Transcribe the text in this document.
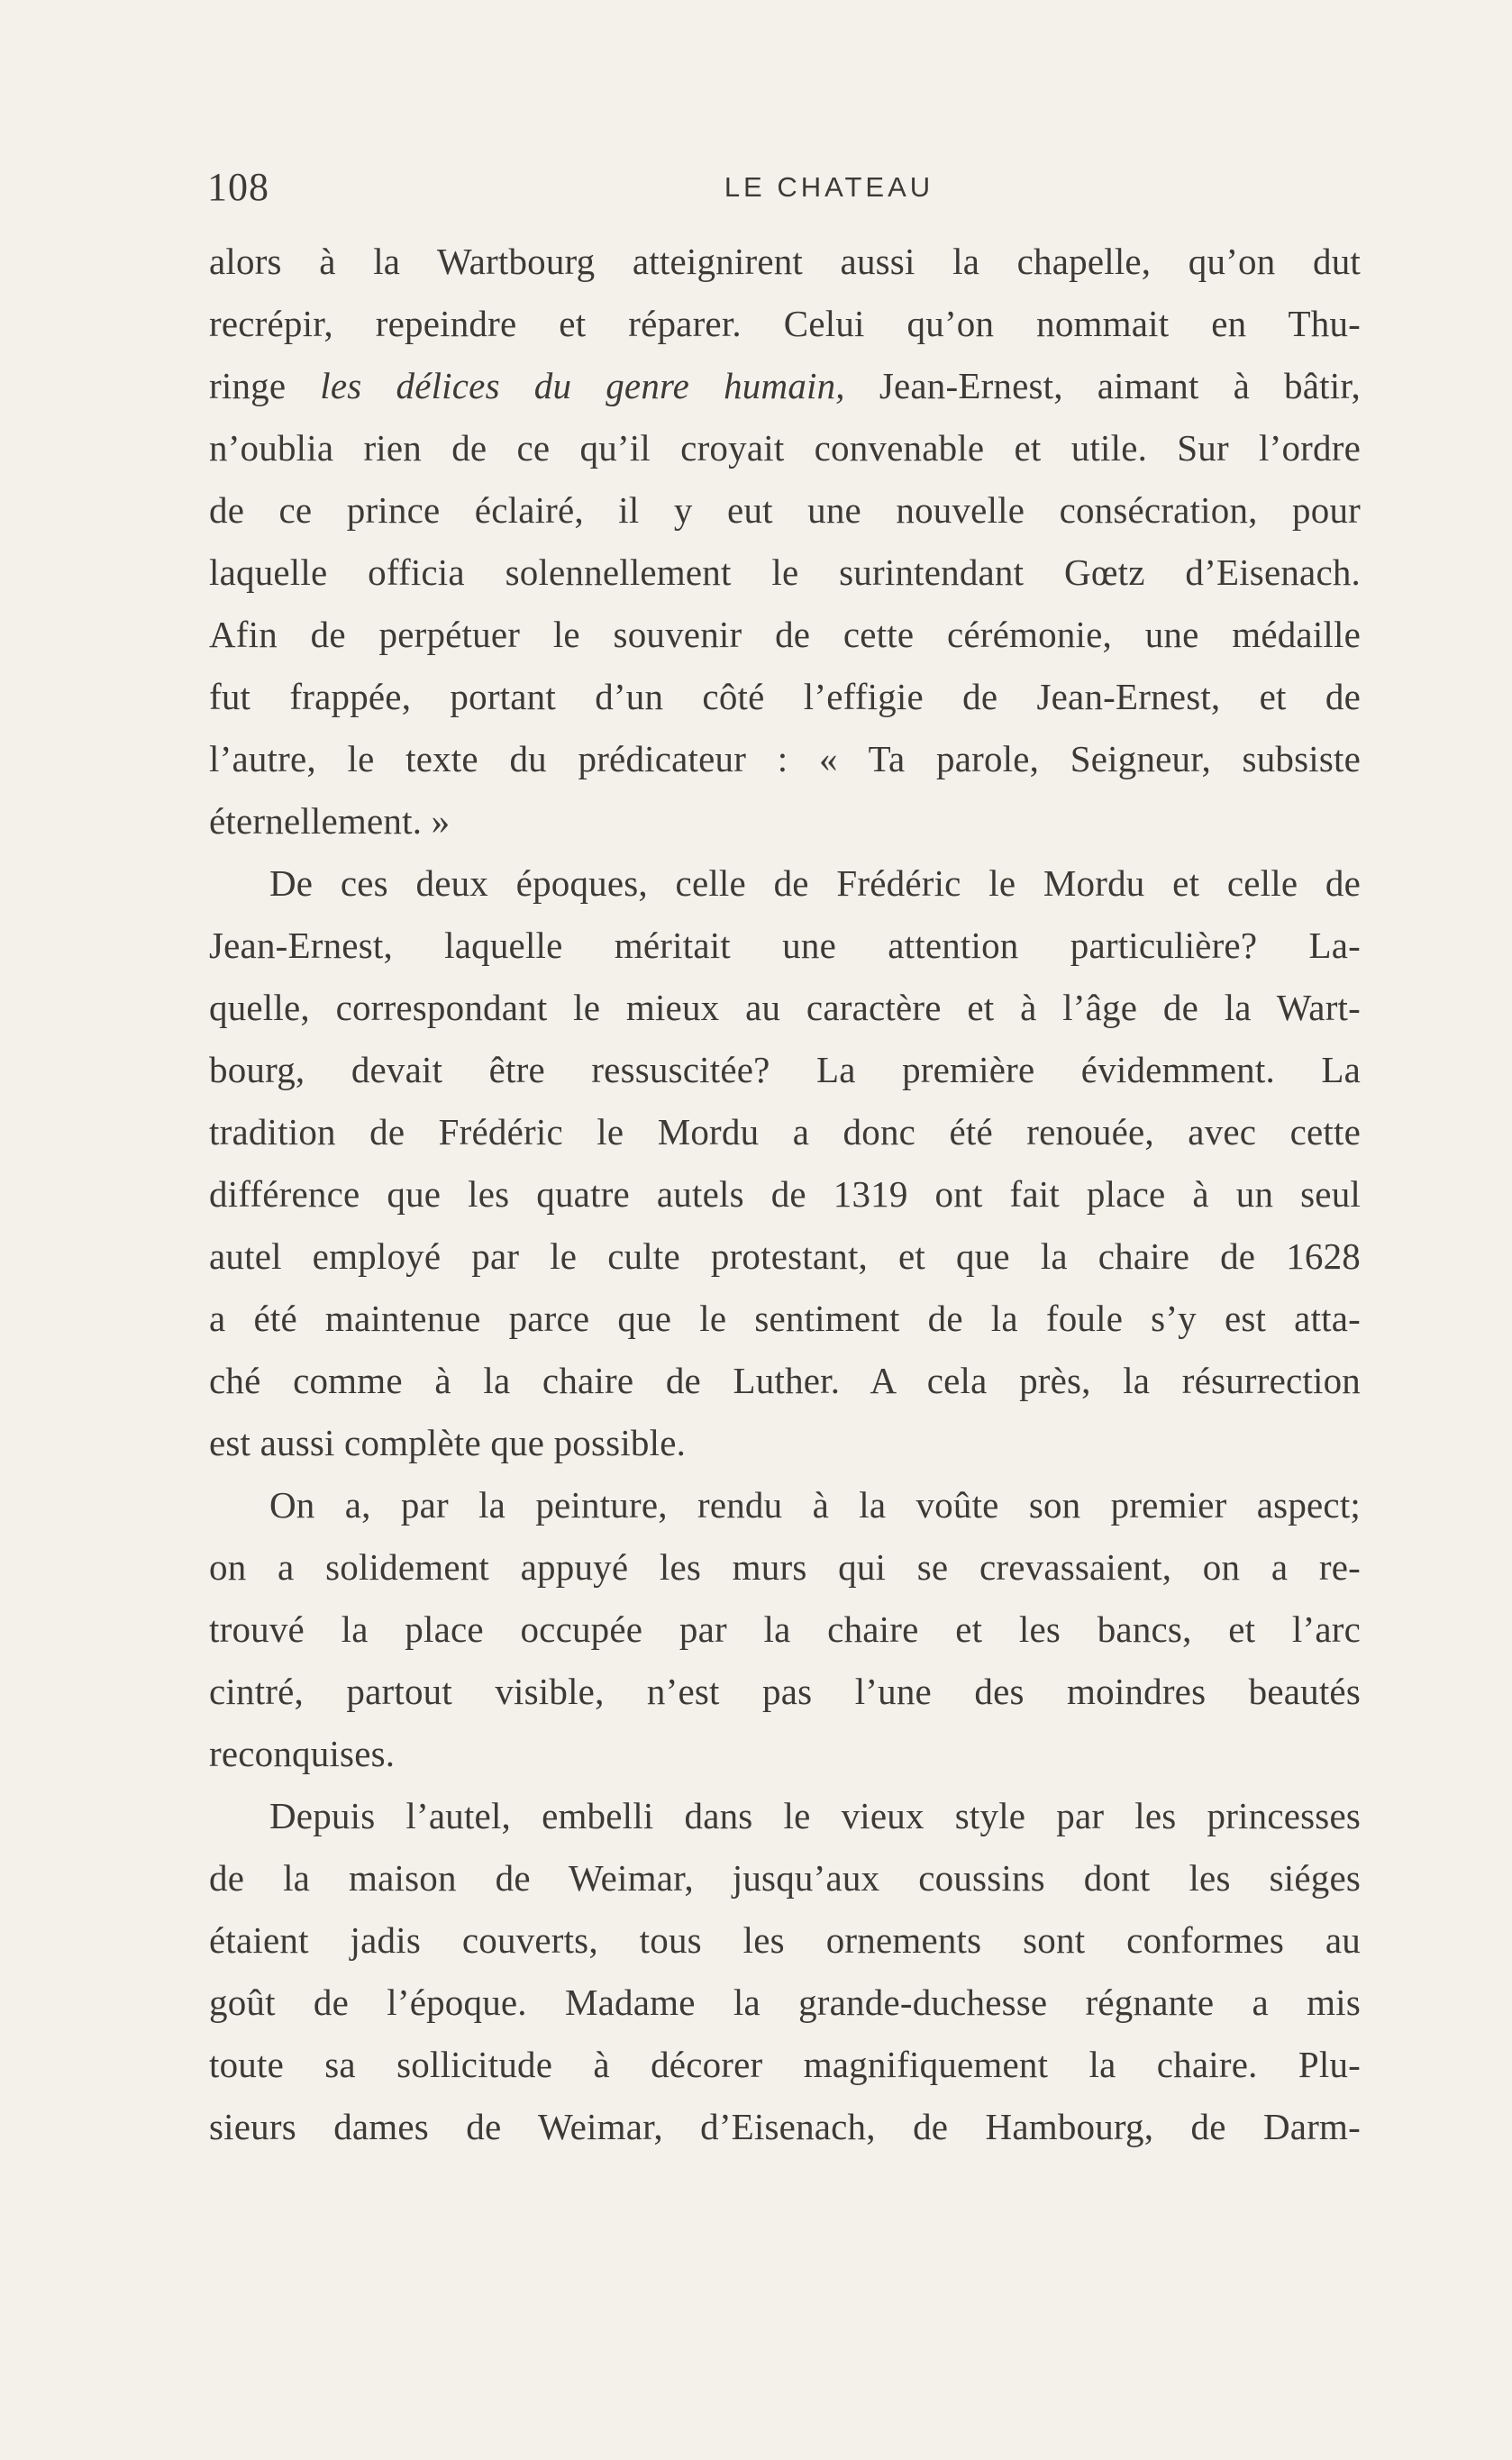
108	LE CHATEAU
alors à la Wartbourg atteignirent aussi la chapelle, qu’on dut
recrépir, repeindre et réparer. Celui qu’on nommait en Thu-
ringe les délices du genre humain, Jean-Ernest, aimant à bâtir,
n’oublia rien de ce qu’il croyait convenable et utile. Sur l’ordre
de ce prince éclairé, il y eut une nouvelle consécration, pour
laquelle officia solennellement le surintendant Gœtz d’Eisenach.
Afin de perpétuer le souvenir de cette cérémonie, une médaille
fut frappée, portant d’un côté l’effigie de Jean-Ernest, et de
l’autre, le texte du prédicateur : « Ta parole, Seigneur, subsiste
éternellement. »
De ces deux époques, celle de Frédéric le Mordu et celle de
Jean-Ernest, laquelle méritait une attention particulière? La-
quelle, correspondant le mieux au caractère et à l’âge de la Wart-
bourg, devait être ressuscitée? La première évidemment. La
tradition de Frédéric le Mordu a donc été renouée, avec cette
différence que les quatre autels de 1319 ont fait place à un seul
autel employé par le culte protestant, et que la chaire de 1628
a été maintenue parce que le sentiment de la foule s’y est atta-
ché comme à la chaire de Luther. A cela près, la résurrection
est aussi complète que possible.
On a, par la peinture, rendu à la voûte son premier aspect;
on a solidement appuyé les murs qui se crevassaient, on a re-
trouvé la place occupée par la chaire et les bancs, et l’arc
cintré, partout visible, n’est pas l’une des moindres beautés
reconquises.
Depuis l’autel, embelli dans le vieux style par les princesses
de la maison de Weimar, jusqu’aux coussins dont les siéges
étaient jadis couverts, tous les ornements sont conformes au
goût de l’époque. Madame la grande-duchesse régnante a mis
toute sa sollicitude à décorer magnifiquement la chaire. Plu-
sieurs dames de Weimar, d’Eisenach, de Hambourg, de Darm-
